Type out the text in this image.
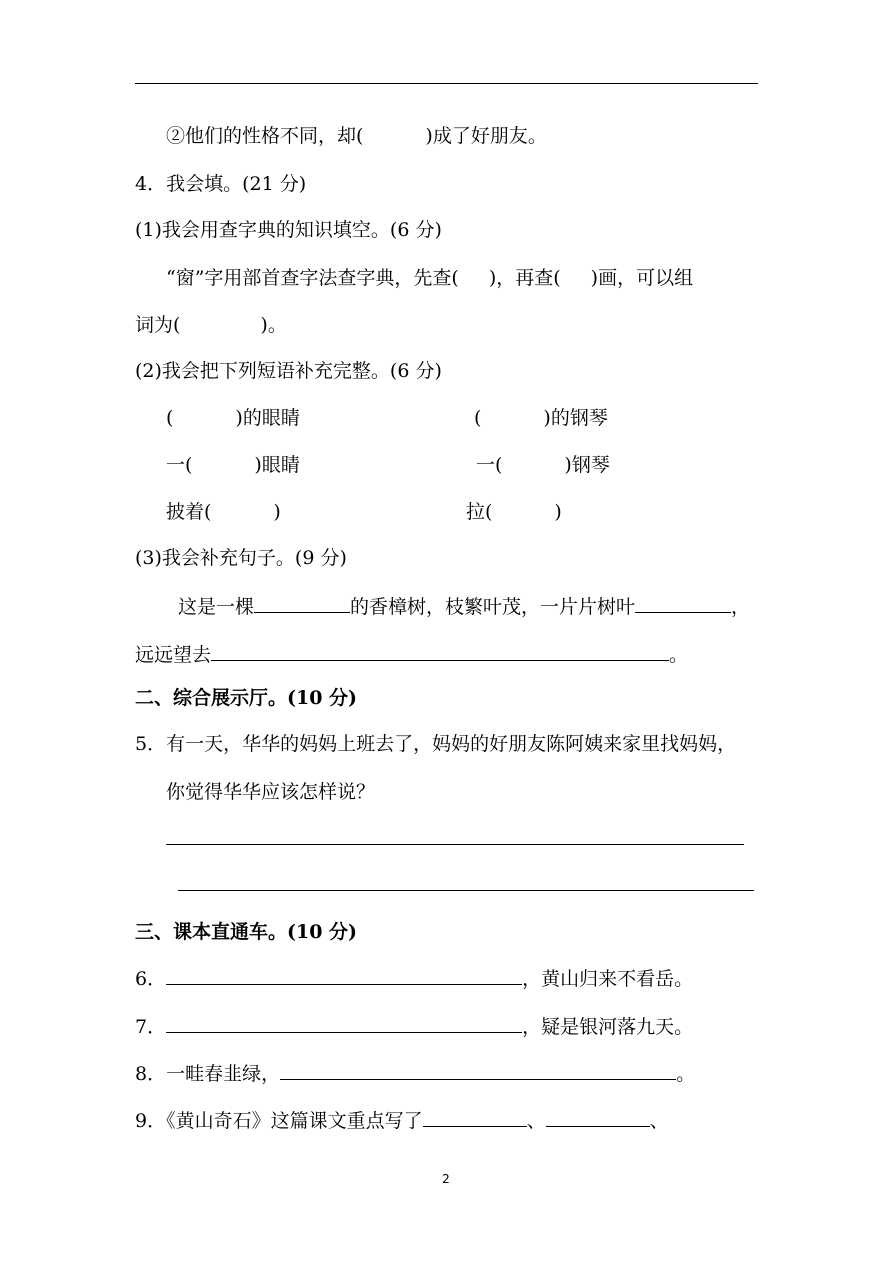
②他们的性格不同，却(	)成了好朋友。
4．我会填。(21 分)
(1)我会用查字典的知识填空。(6 分)
“窗”字用部首查字法查字典，先查( )，再查( )画，可以组
词为(	)。
(2)我会把下列短语补充完整。(6 分)
(	)的眼睛	(	)的钢琴
一(	)眼睛	一(	)钢琴
披着(	)	拉(	)
(3)我会补充句子。(9 分)
这是一棵	的香樟树，枝繁叶茂，一片片树叶	，
远远望去	。
二、综合展示厅。(10 分)
5．有一天，华华的妈妈上班去了，妈妈的好朋友陈阿姨来家里找妈妈，
你觉得华华应该怎样说？
三、课本直通车。(10 分)
6．	，黄山归来不看岳。
7．	，疑是银河落九天。
8．一畦春韭绿，	。
9．《黄山奇石》这篇课文重点写了	、	、
2
